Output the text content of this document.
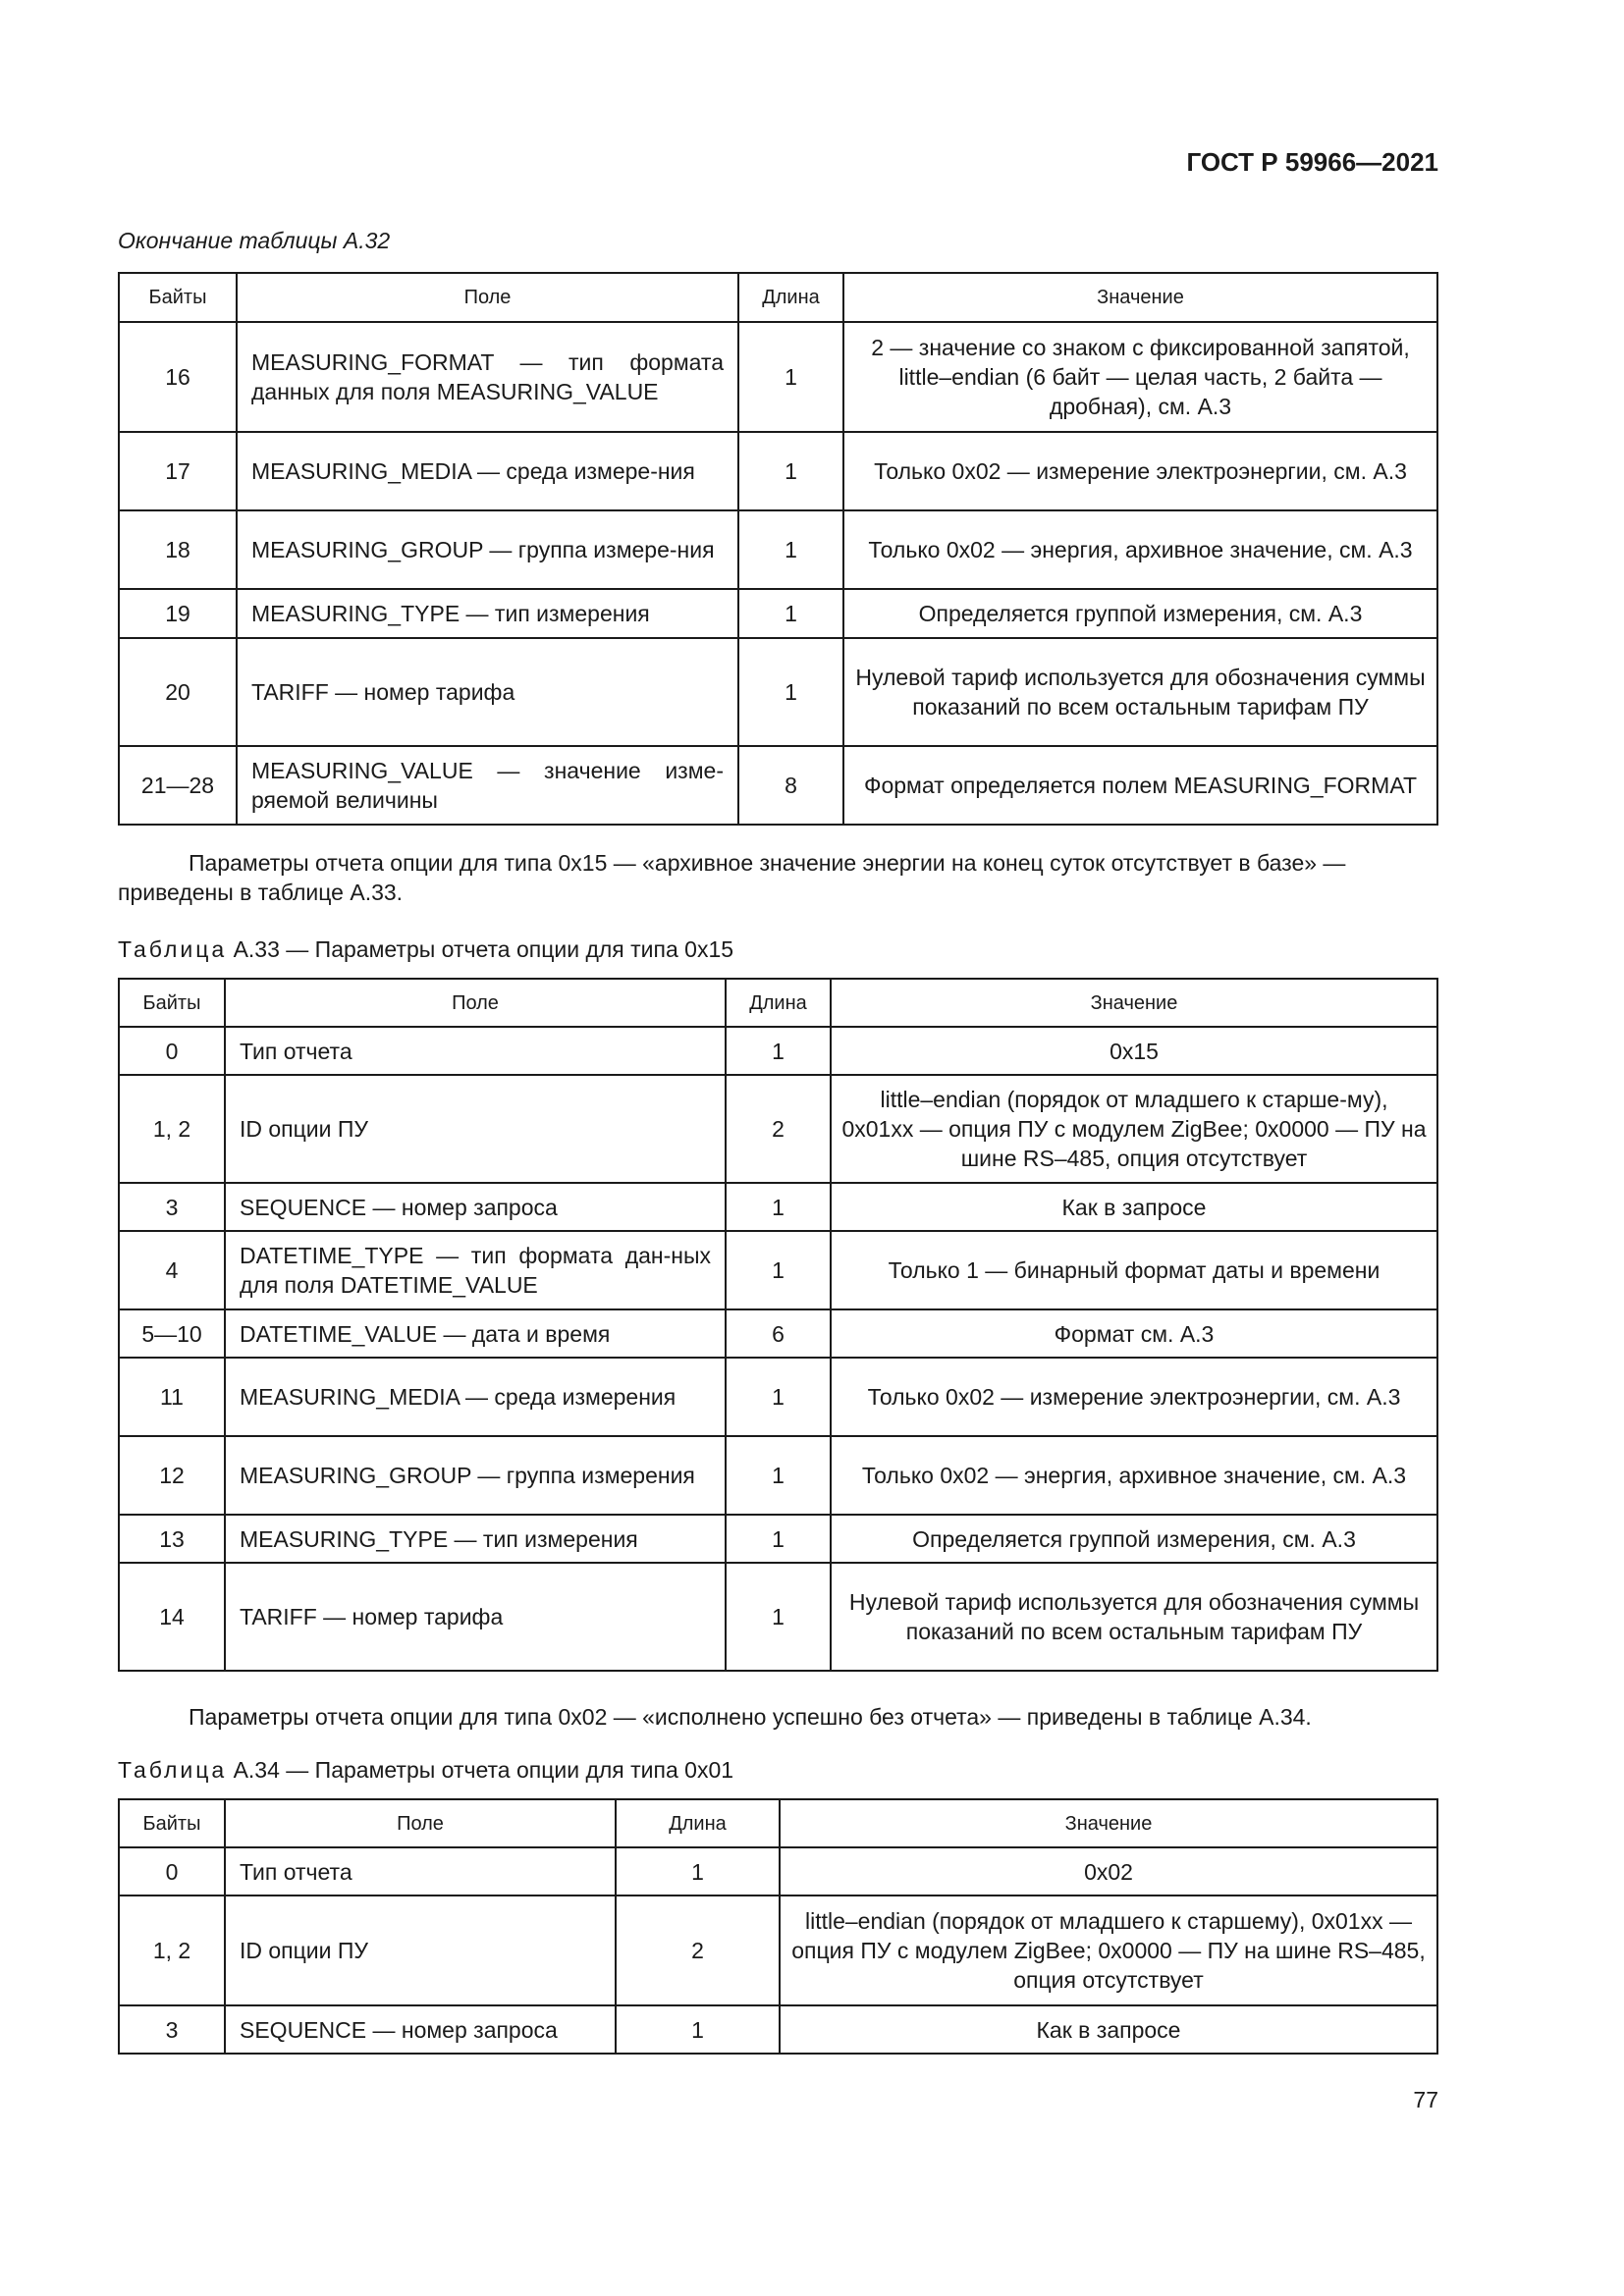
ГОСТ Р 59966—2021
Окончание таблицы А.32
Байты	Поле	Длина	Значение
16	MEASURING_FORMAT — тип формата данных для поля MEASURING_VALUE	1	2 — значение со знаком с фиксированной запятой, little–endian (6 байт — целая часть, 2 байта — дробная), см. А.3
17	MEASURING_MEDIA — среда измере-ния	1	Только 0x02 — измерение электроэнергии, см. А.3
18	MEASURING_GROUP — группа измере-ния	1	Только 0x02 — энергия, архивное значение, см. А.3
19	MEASURING_TYPE — тип измерения	1	Определяется группой измерения, см. А.3
20	TARIFF — номер тарифа	1	Нулевой тариф используется для обозначения суммы показаний по всем остальным тарифам ПУ
21—28	MEASURING_VALUE — значение изме-ряемой величины	8	Формат определяется полем MEASURING_FORMAT
Параметры отчета опции для типа 0x15 — «архивное значение энергии на конец суток отсутствует в базе» — приведены в таблице А.33.
Таблица А.33 — Параметры отчета опции для типа 0x15
Байты	Поле	Длина	Значение
0	Тип отчета	1	0x15
1, 2	ID опции ПУ	2	little–endian (порядок от младшего к старше-му), 0x01xx — опция ПУ с модулем ZigBee; 0x0000 — ПУ на шине RS–485, опция отсутствует
3	SEQUENCE — номер запроса	1	Как в запросе
4	DATETIME_TYPE — тип формата дан-ных для поля DATETIME_VALUE	1	Только 1 — бинарный формат даты и времени
5—10	DATETIME_VALUE — дата и время	6	Формат см. А.3
11	MEASURING_MEDIA — среда измерения	1	Только 0x02 — измерение электроэнергии, см. А.3
12	MEASURING_GROUP — группа измерения	1	Только 0x02 — энергия, архивное значение, см. А.3
13	MEASURING_TYPE — тип измерения	1	Определяется группой измерения, см. А.3
14	TARIFF — номер тарифа	1	Нулевой тариф используется для обозначения суммы показаний по всем остальным тарифам ПУ
Параметры отчета опции для типа 0x02 — «исполнено успешно без отчета» — приведены в таблице А.34.
Таблица А.34 — Параметры отчета опции для типа 0x01
Байты	Поле	Длина	Значение
0	Тип отчета	1	0x02
1, 2	ID опции ПУ	2	little–endian (порядок от младшего к старшему), 0x01xx — опция ПУ с модулем ZigBee; 0x0000 — ПУ на шине RS–485, опция отсутствует
3	SEQUENCE — номер запроса	1	Как в запросе
77
